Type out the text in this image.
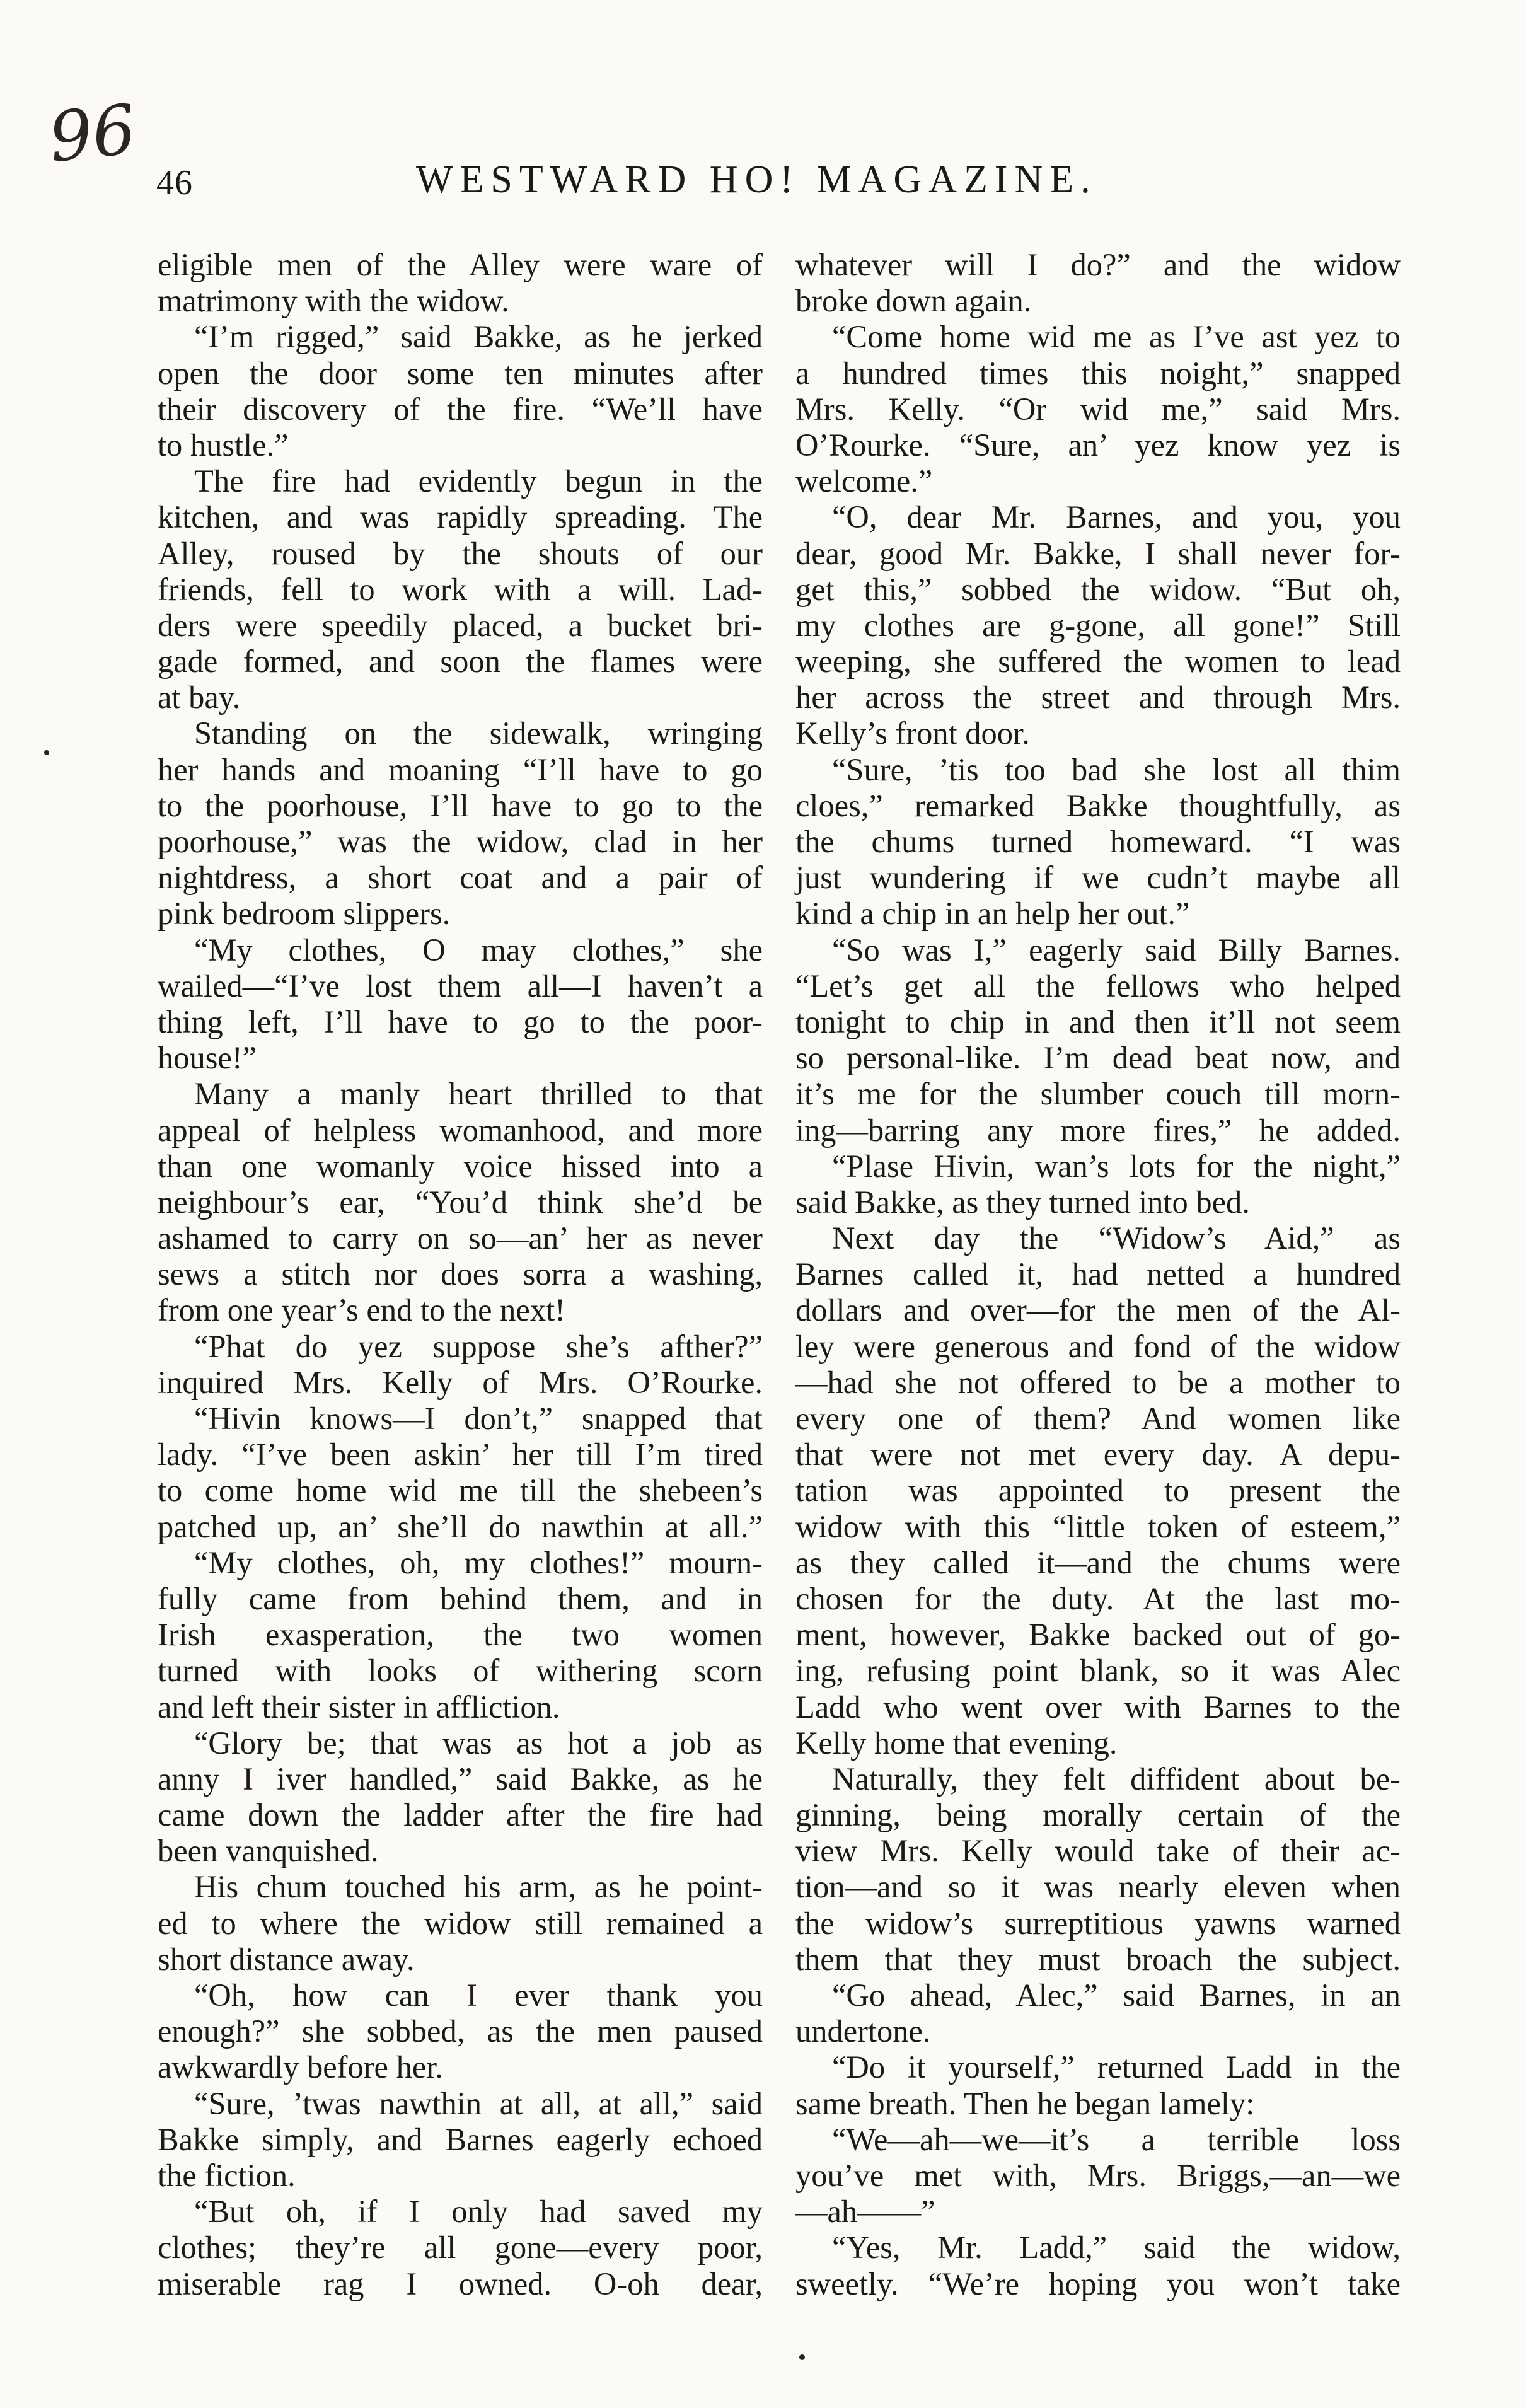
96
46	WESTWARD HO! MAGAZINE.
eligible men of the Alley were ware of
matrimony with the widow.
“I’m rigged,” said Bakke, as he jerked
open the door some ten minutes after
their discovery of the fire. “We’ll have
to hustle.”
The fire had evidently begun in the
kitchen, and was rapidly spreading. The
Alley, roused by the shouts of our
friends, fell to work with a will. Lad-
ders were speedily placed, a bucket bri-
gade formed, and soon the flames were
at bay.
Standing on the sidewalk, wringing
her hands and moaning “I’ll have to go
to the poorhouse, I’ll have to go to the
poorhouse,” was the widow, clad in her
nightdress, a short coat and a pair of
pink bedroom slippers.
“My clothes, O may clothes,” she
wailed—“I’ve lost them all—I haven’t a
thing left, I’ll have to go to the poor-
house!”
Many a manly heart thrilled to that
appeal of helpless womanhood, and more
than one womanly voice hissed into a
neighbour’s ear, “You’d think she’d be
ashamed to carry on so—an’ her as never
sews a stitch nor does sorra a washing,
from one year’s end to the next!
“Phat do yez suppose she’s afther?”
inquired Mrs. Kelly of Mrs. O’Rourke.
“Hivin knows—I don’t,” snapped that
lady. “I’ve been askin’ her till I’m tired
to come home wid me till the shebeen’s
patched up, an’ she’ll do nawthin at all.”
“My clothes, oh, my clothes!” mourn-
fully came from behind them, and in
Irish exasperation, the two women
turned with looks of withering scorn
and left their sister in affliction.
“Glory be; that was as hot a job as
anny I iver handled,” said Bakke, as he
came down the ladder after the fire had
been vanquished.
His chum touched his arm, as he point-
ed to where the widow still remained a
short distance away.
“Oh, how can I ever thank you
enough?” she sobbed, as the men paused
awkwardly before her.
“Sure, ’twas nawthin at all, at all,” said
Bakke simply, and Barnes eagerly echoed
the fiction.
“But oh, if I only had saved my
clothes; they’re all gone—every poor,
miserable rag I owned. O-oh dear,
whatever will I do?” and the widow
broke down again.
“Come home wid me as I’ve ast yez to
a hundred times this noight,” snapped
Mrs. Kelly. “Or wid me,” said Mrs.
O’Rourke. “Sure, an’ yez know yez is
welcome.”
“O, dear Mr. Barnes, and you, you
dear, good Mr. Bakke, I shall never for-
get this,” sobbed the widow. “But oh,
my clothes are g-gone, all gone!” Still
weeping, she suffered the women to lead
her across the street and through Mrs.
Kelly’s front door.
“Sure, ’tis too bad she lost all thim
cloes,” remarked Bakke thoughtfully, as
the chums turned homeward. “I was
just wundering if we cudn’t maybe all
kind a chip in an help her out.”
“So was I,” eagerly said Billy Barnes.
“Let’s get all the fellows who helped
tonight to chip in and then it’ll not seem
so personal-like. I’m dead beat now, and
it’s me for the slumber couch till morn-
ing—barring any more fires,” he added.
“Plase Hivin, wan’s lots for the night,”
said Bakke, as they turned into bed.
Next day the “Widow’s Aid,” as
Barnes called it, had netted a hundred
dollars and over—for the men of the Al-
ley were generous and fond of the widow
—had she not offered to be a mother to
every one of them? And women like
that were not met every day. A depu-
tation was appointed to present the
widow with this “little token of esteem,”
as they called it—and the chums were
chosen for the duty. At the last mo-
ment, however, Bakke backed out of go-
ing, refusing point blank, so it was Alec
Ladd who went over with Barnes to the
Kelly home that evening.
Naturally, they felt diffident about be-
ginning, being morally certain of the
view Mrs. Kelly would take of their ac-
tion—and so it was nearly eleven when
the widow’s surreptitious yawns warned
them that they must broach the subject.
“Go ahead, Alec,” said Barnes, in an
undertone.
“Do it yourself,” returned Ladd in the
same breath. Then he began lamely:
“We—ah—we—it’s a terrible loss
you’ve met with, Mrs. Briggs,—an—we
—ah——”
“Yes, Mr. Ladd,” said the widow,
sweetly. “We’re hoping you won’t take
